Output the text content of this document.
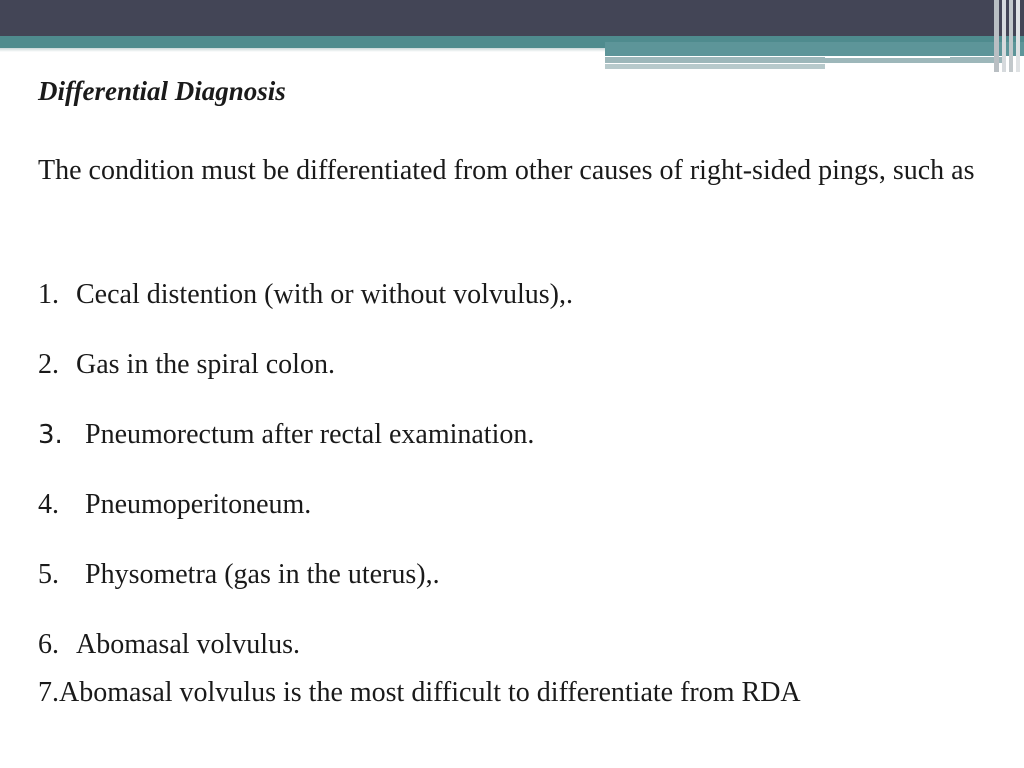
Differential Diagnosis

The condition must be differentiated from other causes of right-sided pings, such as

1. Cecal distention (with or without volvulus),.
2. Gas in the spiral colon.
3. Pneumorectum after rectal examination.
4. Pneumoperitoneum.
5. Physometra (gas in the uterus),.
6. Abomasal volvulus.
7.Abomasal volvulus is the most difficult to differentiate from RDA
